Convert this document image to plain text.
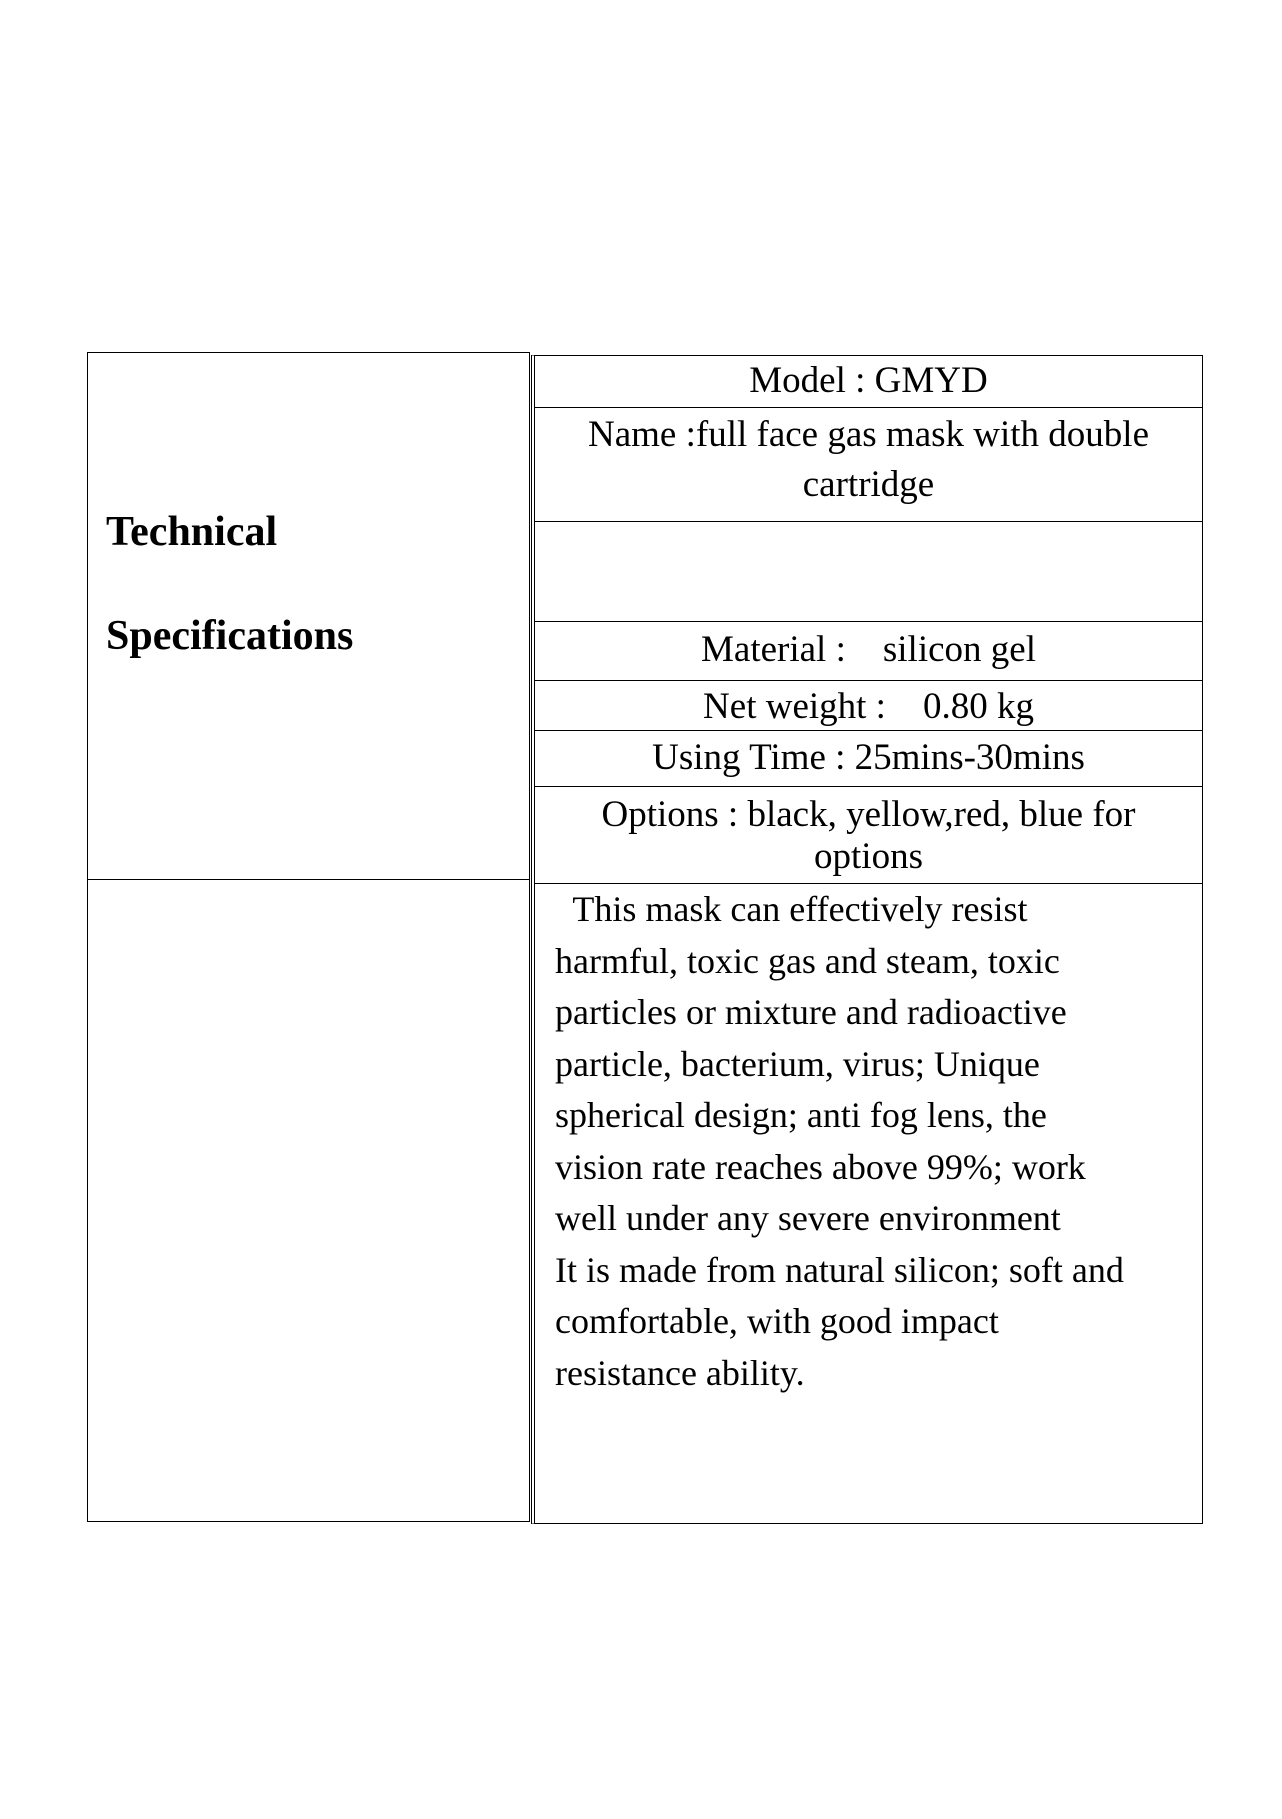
Technical
Specifications
Model : GMYD
Name :full face gas mask with double
cartridge
Material :    silicon gel
Net weight :    0.80 kg
Using Time : 25mins-30mins
Options : black, yellow,red, blue for
options
This mask can effectively resist
harmful, toxic gas and steam, toxic
particles or mixture and radioactive
particle, bacterium, virus; Unique
spherical design; anti fog lens, the
vision rate reaches above 99%; work
well under any severe environment
It is made from natural silicon; soft and
comfortable, with good impact
resistance ability.
